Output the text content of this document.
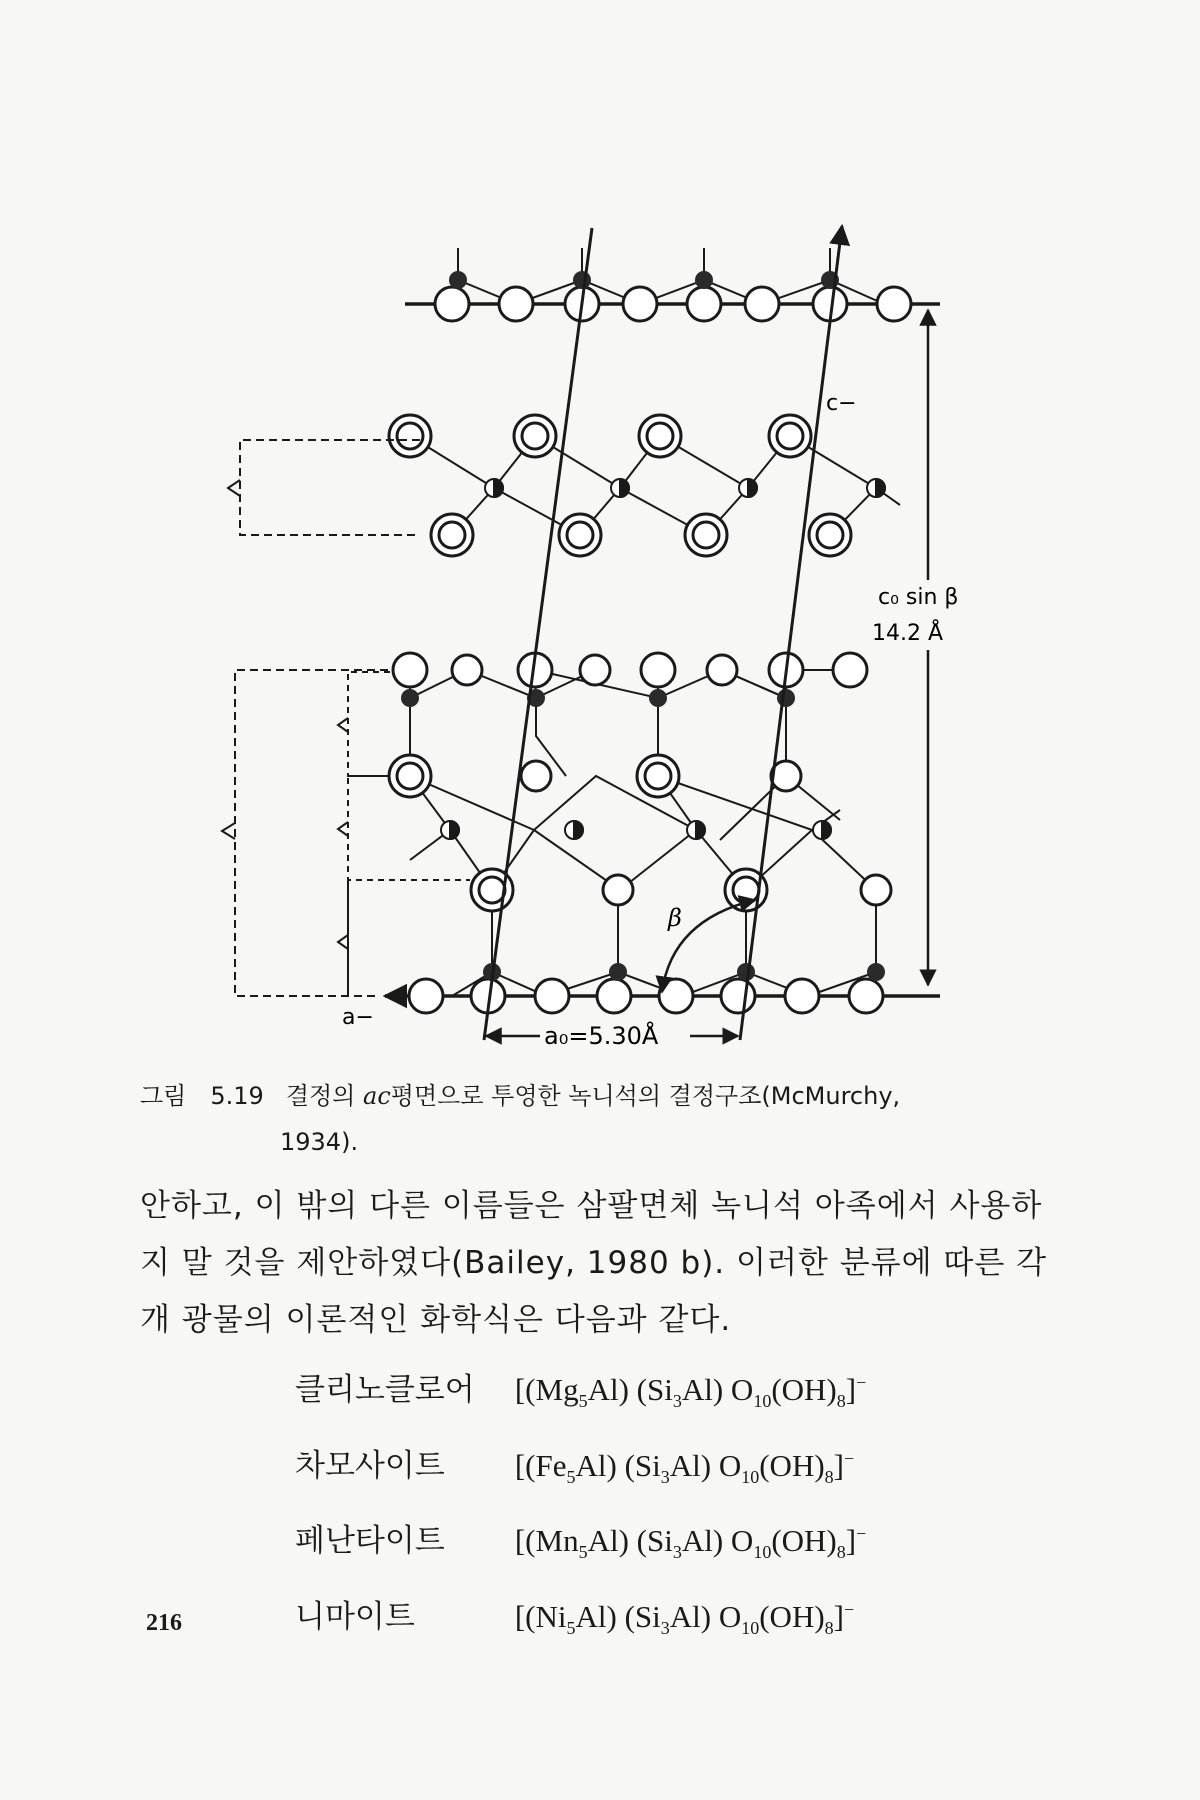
c−
a−
c₀ sin β
14.2 Å
a₀=5.30Å
β
그림 5.19 결정의 ac평면으로 투영한 녹니석의 결정구조(McMurchy,
1934).
안하고, 이 밖의 다른 이름들은 삼팔면체 녹니석 아족에서 사용하지 말 것을 제안하였다(Bailey, 1980 b). 이러한 분류에 따른 각개 광물의 이론적인 화학식은 다음과 같다.
클리노클로어 [$(Mg_5Al)$ $(Si_3Al)$ $O_{10}(OH)_8]^-$
차모사이트 [$(Fe_5Al)$ $(Si_3Al)$ $O_{10}(OH)_8]^-$
페난타이트 [$(Mn_5Al)$ $(Si_3Al)$ $O_{10}(OH)_8]^-$
니마이트	[$(Ni_5Al)$ $(Si_3Al)$ $O_{10}(OH)_8]^-$
216
